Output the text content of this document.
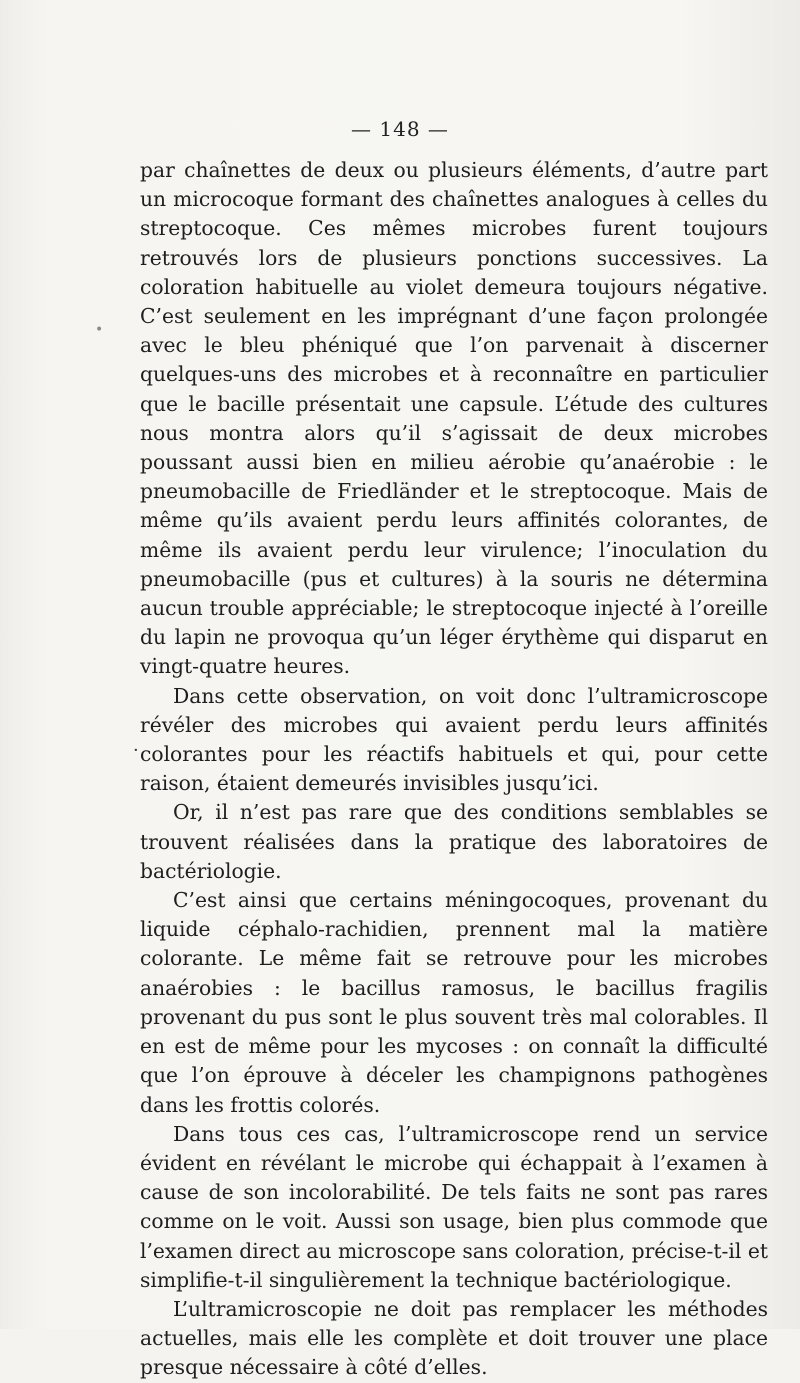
— 148 —

par chaînettes de deux ou plusieurs éléments, d’autre part un microcoque formant des chaînettes analogues à celles du streptocoque. Ces mêmes microbes furent toujours retrouvés lors de plusieurs ponctions successives. La coloration habituelle au violet demeura toujours négative. C’est seulement en les imprégnant d’une façon prolongée avec le bleu phéniqué que l’on parvenait à discerner quelques-uns des microbes et à reconnaître en particulier que le bacille présentait une capsule. L’étude des cultures nous montra alors qu’il s’agissait de deux microbes poussant aussi bien en milieu aérobie qu’anaérobie : le pneumobacille de Friedländer et le streptocoque. Mais de même qu’ils avaient perdu leurs affinités colorantes, de même ils avaient perdu leur virulence; l’inoculation du pneumobacille (pus et cultures) à la souris ne détermina aucun trouble appréciable; le streptocoque injecté à l’oreille du lapin ne provoqua qu’un léger érythème qui disparut en vingt-quatre heures.

Dans cette observation, on voit donc l’ultramicroscope révéler des microbes qui avaient perdu leurs affinités colorantes pour les réactifs habituels et qui, pour cette raison, étaient demeurés invisibles jusqu’ici.

Or, il n’est pas rare que des conditions semblables se trouvent réalisées dans la pratique des laboratoires de bactériologie.

C’est ainsi que certains méningocoques, provenant du liquide céphalo-rachidien, prennent mal la matière colorante. Le même fait se retrouve pour les microbes anaérobies : le bacillus ramosus, le bacillus fragilis provenant du pus sont le plus souvent très mal colorables. Il en est de même pour les mycoses : on connaît la difficulté que l’on éprouve à déceler les champignons pathogènes dans les frottis colorés.

Dans tous ces cas, l’ultramicroscope rend un service évident en révélant le microbe qui échappait à l’examen à cause de son incolorabilité. De tels faits ne sont pas rares comme on le voit. Aussi son usage, bien plus commode que l’examen direct au microscope sans coloration, précise-t-il et simplifie-t-il singulièrement la technique bactériologique.

L’ultramicroscopie ne doit pas remplacer les méthodes actuelles, mais elle les complète et doit trouver une place presque nécessaire à côté d’elles.

•
·
